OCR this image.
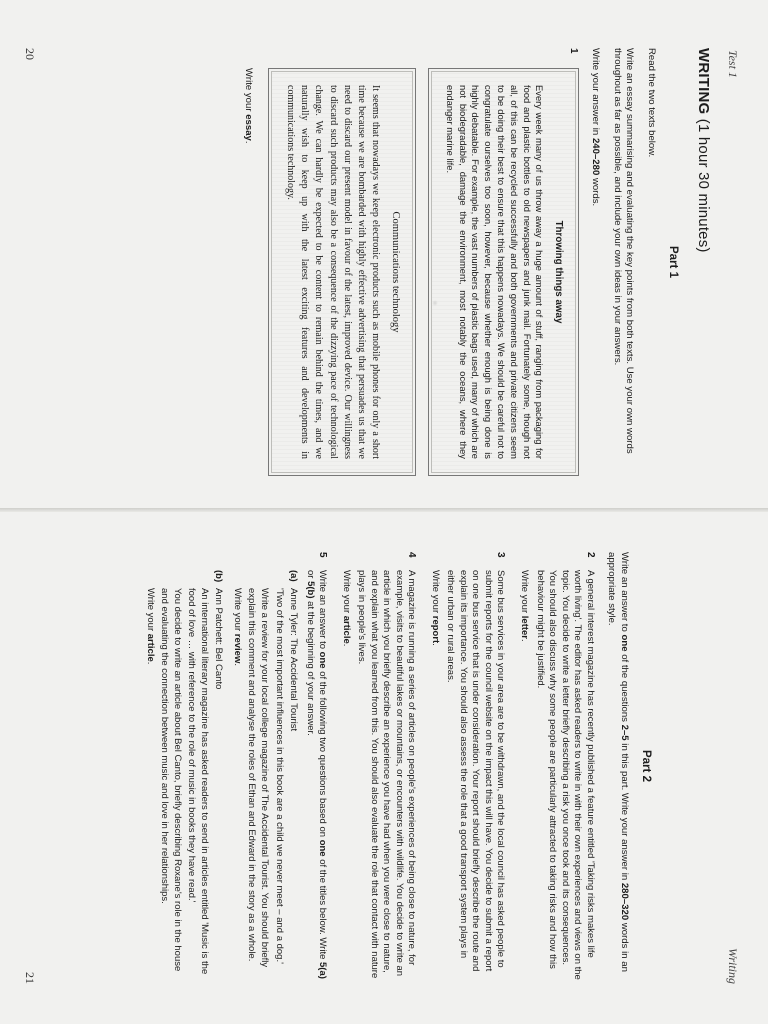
Test 1
WRITING (1 hour 30 minutes)
Part 1

Read the two texts below.

Write an essay summarising and evaluating the key points from both texts. Use your own words throughout as far as possible, and include your own ideas in your answers.

Write your answer in 240–280 words.

1
Throwing things away

Every week many of us throw away a huge amount of stuff, ranging from packaging for food and plastic bottles to old newspapers and junk mail. Fortunately some, though not all, of this can be recycled successfully and both governments and private citizens seem to be doing their best to ensure that this happens nowadays. We should be careful not to congratulate ourselves too soon, however, because whether enough is being done is highly debatable. For example, the vast numbers of plastic bags used, many of which are not biodegradable, damage the environment, most notably the oceans, where they endanger marine life.

Communications technology

It seems that nowadays we keep electronic products such as mobile phones for only a short time because we are bombarded with highly effective advertising that persuades us that we need to discard our present model in favour of the latest, improved device. Our willingness to discard such products may also be a consequence of the dizzying pace of technological change. We can hardly be expected to be content to remain behind the times, and we naturally wish to keep up with the latest exciting features and developments in communications technology.

Write your essay.
20
Writing
Part 2

Write an answer to one of the questions 2–5 in this part. Write your answer in 280–320 words in an appropriate style.

2

A general interest magazine has recently published a feature entitled 'Taking risks makes life worth living'. The editor has asked readers to write in with their own experiences and views on the topic. You decide to write a letter briefly describing a risk you once took and its consequences. You should also discuss why some people are particularly attracted to taking risks and how this behaviour might be justified.

Write your letter.

3

Some bus services in your area are to be withdrawn, and the local council has asked people to submit reports for the council website on the impact this will have. You decide to submit a report on one bus service that is under consideration. Your report should briefly describe the route and explain its importance. You should also assess the role that a good transport system plays in either urban or rural areas.

Write your report.

4

A magazine is running a series of articles on people's experiences of being close to nature, for example, visits to beautiful lakes or mountains, or encounters with wildlife. You decide to write an article in which you briefly describe an experience you have had when you were close to nature, and explain what you learned from this. You should also evaluate the role that contact with nature plays in people's lives.

Write your article.

5

Write an answer to one of the following two questions based on one of the titles below. Write 5(a) or 5(b) at the beginning of your answer.

(a)

Anne Tyler: The Accidental Tourist

'Two of the most important influences in this book are a child we never meet – and a dog.'

Write a review for your local college magazine of The Accidental Tourist. You should briefly explain this comment and analyse the roles of Ethan and Edward in the story as a whole.

Write your review.

(b)

Ann Patchett: Bel Canto

An international literary magazine has asked readers to send in articles entitled 'Music is the food of love … with reference to the role of music in books they have read.'

You decide to write an article about Bel Canto, briefly describing Roxane's role in the house and evaluating the connection between music and love in her relationships.

Write your article.

21
